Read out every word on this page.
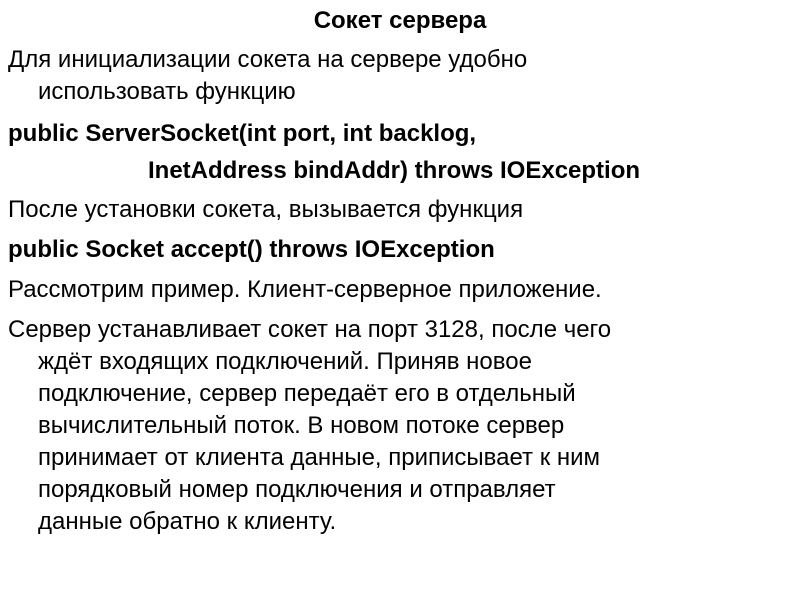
Сокет сервера
Для инициализации сокета на сервере удобно
использовать функцию
public ServerSocket(int port, int backlog,
InetAddress bindAddr) throws IOException
После установки сокета, вызывается функция
public Socket accept() throws IOException
Рассмотрим пример. Клиент-серверное приложение.
Сервер устанавливает сокет на порт 3128, после чего
ждёт входящих подключений. Приняв новое
подключение, сервер передаёт его в отдельный
вычислительный поток. В новом потоке сервер
принимает от клиента данные, приписывает к ним
порядковый номер подключения и отправляет
данные обратно к клиенту.
